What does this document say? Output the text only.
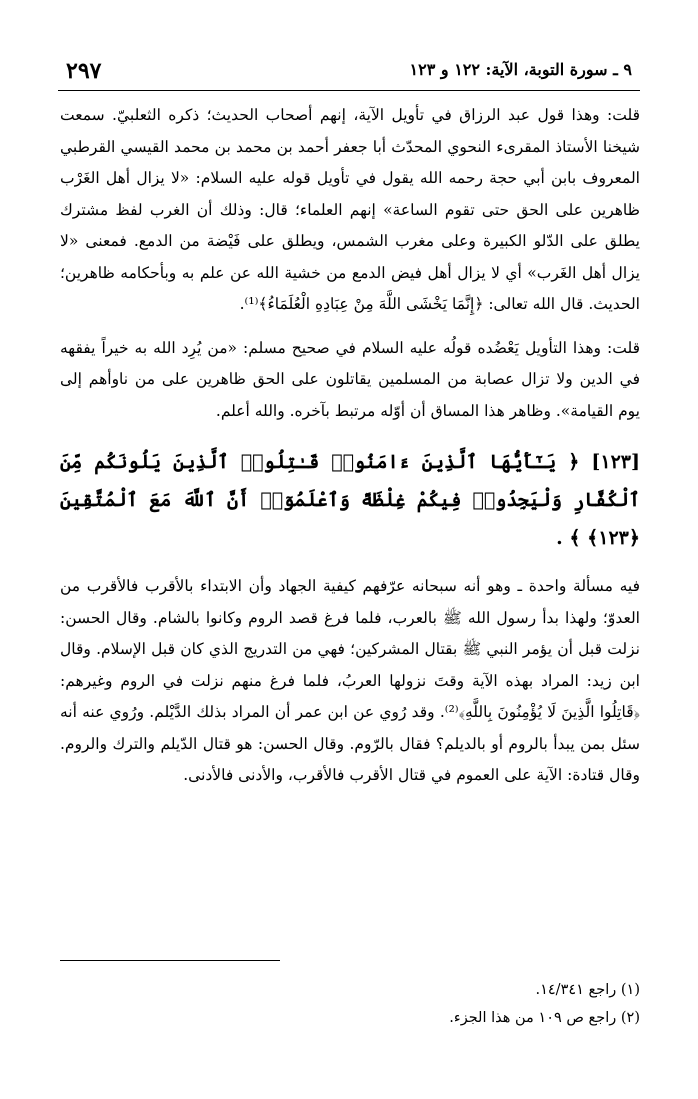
٩ ـ سورة التوبة، الآية: ١٢٢ و ١٢٣
٢٩٧

قلت: وهذا قول عبد الرزاق في تأويل الآية، إنهم أصحاب الحديث؛ ذكره الثعلبيّ. سمعت شيخنا الأستاذ المقرىء النحوي المحدّث أبا جعفر أحمد بن محمد بن محمد القيسي القرطبي المعروف بابن أبي حجة رحمه الله يقول في تأويل قوله عليه السلام: «لا يزال أهل الغَرْب ظاهرين على الحق حتى تقوم الساعة» إنهم العلماء؛ قال: وذلك أن الغرب لفظ مشترك يطلق على الدّلو الكبيرة وعلى مغرب الشمس، ويطلق على فَيْضة من الدمع. فمعنى «لا يزال أهل الغَرب» أي لا يزال أهل فيض الدمع من خشية الله عن علم به وبأحكامه ظاهرين؛ الحديث. قال الله تعالى: ﴿إِنَّمَا يَخْشَى اللَّهَ مِنْ عِبَادِهِ الْعُلَمَاءُ﴾⁽¹⁾.

قلت: وهذا التأويل يَعْضُده قولُه عليه السلام في صحيح مسلم: «من يُرِد الله به خيراً يفقهه في الدين ولا تزال عصابة من المسلمين يقاتلون على الحق ظاهرين على من ناوأهم إلى يوم القيامة». وظاهر هذا المساق أن أوّله مرتبط بآخره. والله أعلم.

[١٢٣] ﴿ يَـٰٓأَيُّهَا ٱلَّذِينَ ءَامَنُوا۟ قَـٰتِلُوا۟ ٱلَّذِينَ يَلُونَكُم مِّنَ ٱلْكُفَّارِ وَلْيَجِدُوا۟ فِيكُمْ غِلْظَةً وَٱعْلَمُوٓا۟ أَنَّ ٱللَّهَ مَعَ ٱلْمُتَّقِينَ ﴿١٢٣﴾ ﴾ .

فيه مسألة واحدة ـ وهو أنه سبحانه عرّفهم كيفية الجهاد وأن الابتداء بالأقرب فالأقرب من العدوّ؛ ولهذا بدأ رسول الله ﷺ بالعرب، فلما فرغ قصد الروم وكانوا بالشام. وقال الحسن: نزلت قبل أن يؤمر النبي ﷺ بقتال المشركين؛ فهي من التدريج الذي كان قبل الإسلام. وقال ابن زيد: المراد بهذه الآية وقتَ نزولها العربُ، فلما فرغ منهم نزلت في الروم وغيرهم: ﴿قَاتِلُوا الَّذِينَ لَا يُؤْمِنُونَ بِاللَّهِ﴾⁽²⁾. وقد رُوي عن ابن عمر أن المراد بذلك الدَّيْلم. ورُوي عنه أنه سئل بمن يبدأ بالروم أو بالديلم؟ فقال بالرّوم. وقال الحسن: هو قتال الدّيلم والترك والروم. وقال قتادة: الآية على العموم في قتال الأقرب فالأقرب، والأدنى فالأدنى.

(١) راجع ١٤/٣٤١.

(٢) راجع ص ١٠٩ من هذا الجزء.
